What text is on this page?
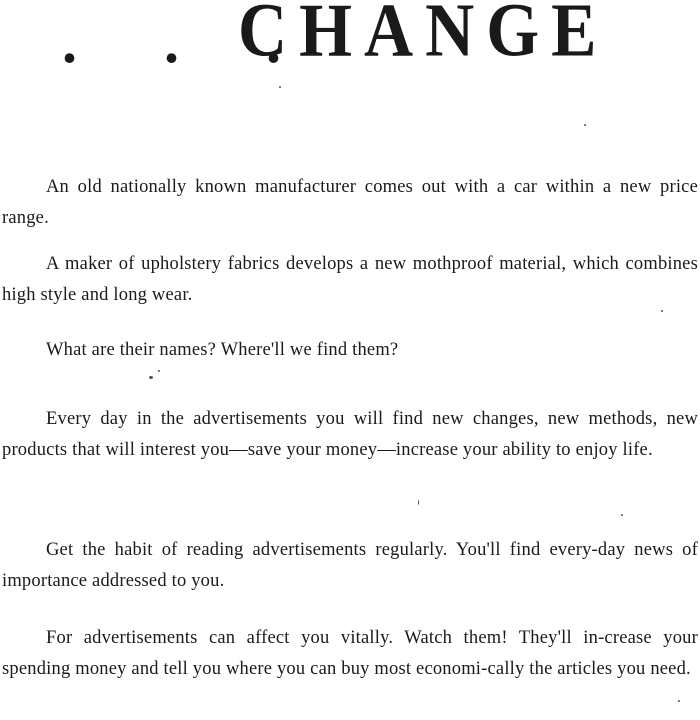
. . .
CHANGE

An old nationally known manufacturer comes out with a car within a new price range.

A maker of upholstery fabrics develops a new mothproof material, which combines high style and long wear.

What are their names? Where'll we find them?

Every day in the advertisements you will find new changes, new methods, new products that will interest you—save your money—increase your ability to enjoy life.

Get the habit of reading advertisements regularly. You'll find every-day news of importance addressed to you.

For advertisements can affect you vitally. Watch them! They'll in-crease your spending money and tell you where you can buy most economi-cally the articles you need.
